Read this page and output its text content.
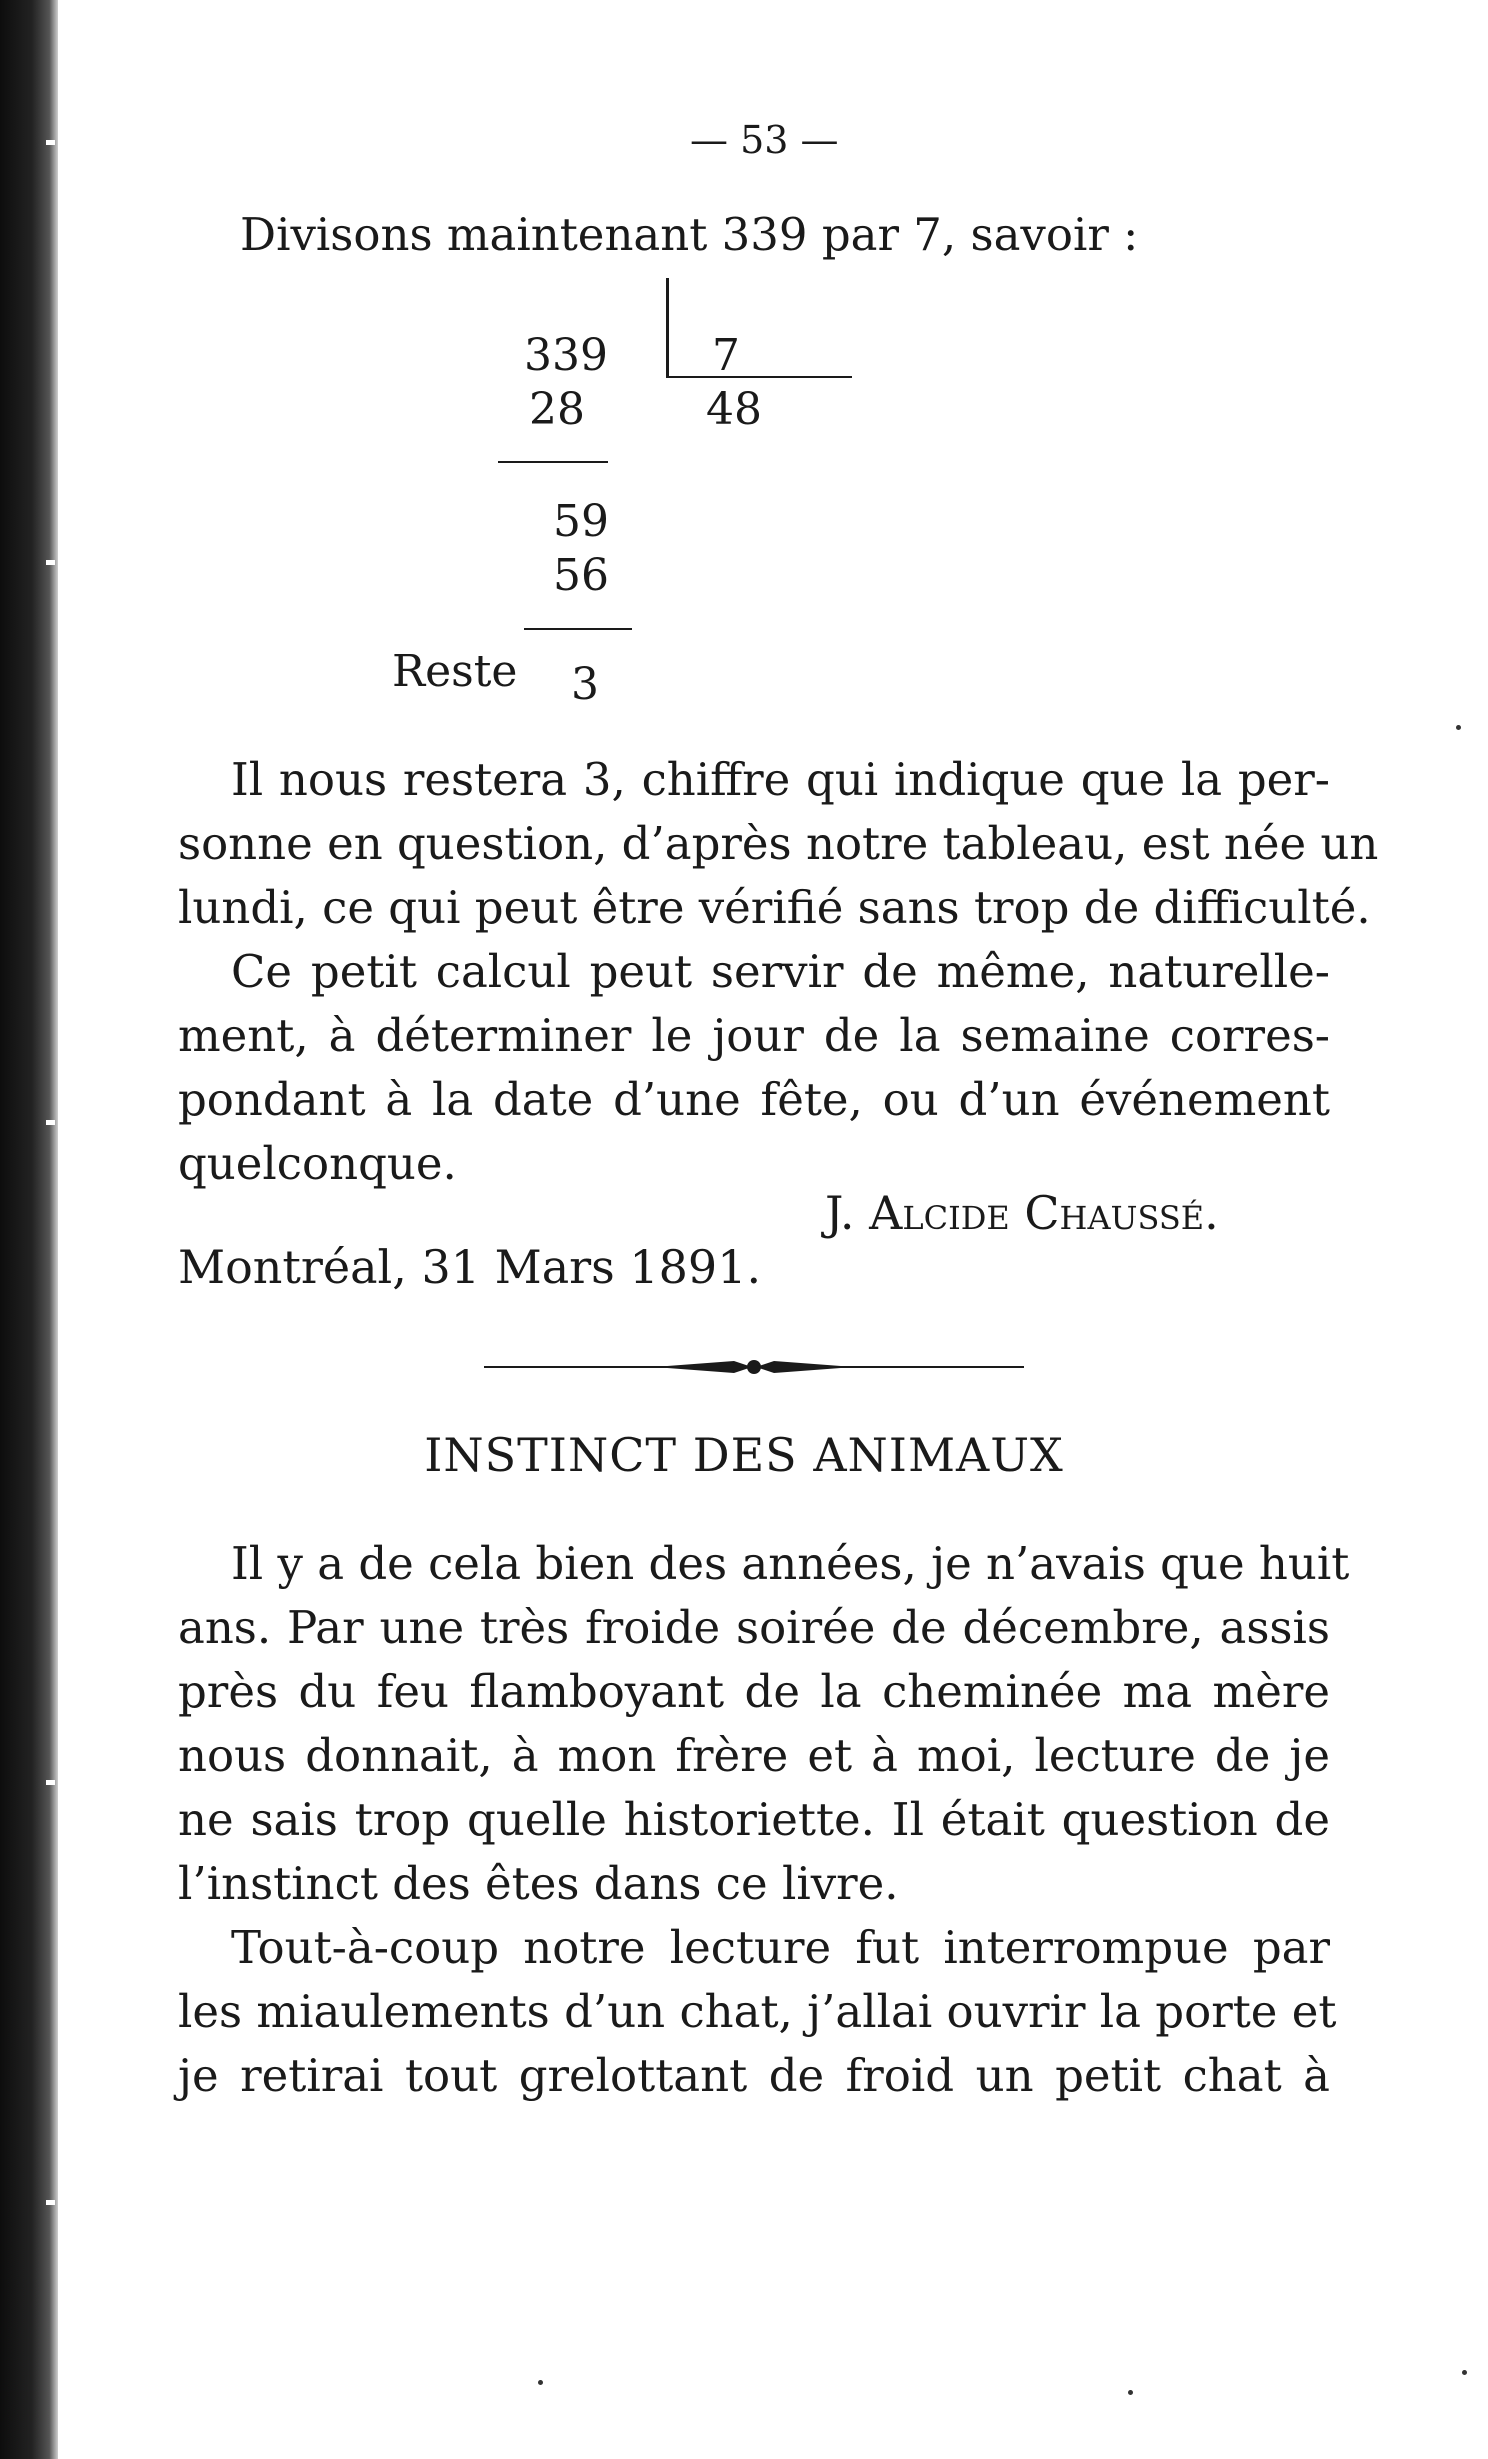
— 53 —
Divisons maintenant 339 par 7, savoir :
339 7
28	48
59
56
Reste 3
Il nous restera 3, chiffre qui indique que la per-
sonne en question, d’après notre tableau, est née un
lundi, ce qui peut être vérifié sans trop de difficulté.
Ce petit calcul peut servir de même, naturelle-
ment, à déterminer le jour de la semaine corres-
pondant à la date d’une fête, ou d’un événement
quelconque.
J. Alcide Chaussé.
Montréal, 31 Mars 1891.
INSTINCT DES ANIMAUX
Il y a de cela bien des années, je n’avais que huit
ans. Par une très froide soirée de décembre, assis
près du feu flamboyant de la cheminée ma mère
nous donnait, à mon frère et à moi, lecture de je
ne sais trop quelle historiette. Il était question de
l’instinct des êtes dans ce livre.
Tout-à-coup notre lecture fut interrompue par
les miaulements d’un chat, j’allai ouvrir la porte et
je retirai tout grelottant de froid un petit chat à
